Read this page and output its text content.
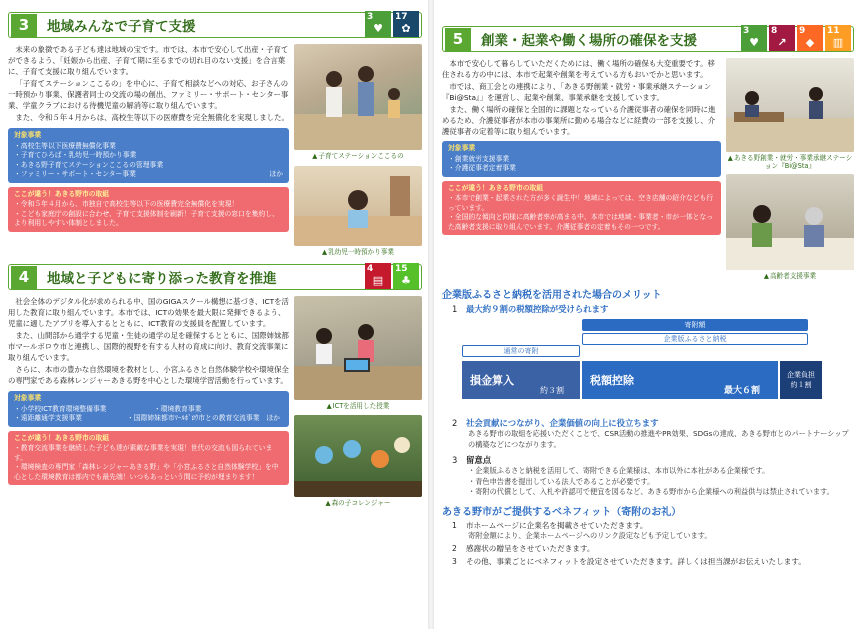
3	地域みんなで子育て支援
3
♥
17
✿

未来の象徴である子ども達は地域の宝です。市では、本市で安心して出産・子育てができるよう、「妊娠から出産、子育て期に至るまでの切れ目のない支援」を合言葉に、子育て支援に取り組んでいます。

「子育てステーションここるの」を中心に、子育て相談などへの対応、お子さんの一時預かり事業、保護者同士の交流の場の創出、ファミリー・サポート・センター事業、学童クラブにおける待機児童の解消等に取り組んでいます。

また、令和５年４月からは、高校生等以下の医療費を完全無償化を実現しました。

対象事業
・高校生等以下医療費無償化事業
・子育てひろば・乳幼児一時預かり事業
・あきる野子育てステーションここるの管理事業
・ファミリー・サポート・センター事業	ほか
ここが違う！あきる野市の取組
・令和５年４月から、市独自で高校生等以下の医療費完全無償化を実現！
・こども家庭庁の創設に合わせ、子育て支援体制を刷新！子育て支援の窓口を集約し、より利用しやすい体制としました。
▲ 子育てステーションここるの
▲ 乳幼児一時預かり事業
4	地域と子どもに寄り添った教育を推進
4
▤
15
♣

社会全体のデジタル化が求められる中、国のGIGAスクール構想に基づき、ICTを活用した教育に取り組んでいます。本市では、ICTの効果を最大限に発揮できるよう、児童に適したアプリを導入するとともに、ICT教育の支援員を配置しています。

また、山間部から通学する児童・生徒の通学の足を確保するとともに、国際姉妹都市マールボロウ市と連携し、国際的視野を有する人材の育成に向け、教育交流事業に取り組んでいます。

さらに、本市の豊かな自然環境を教材とし、小宮ふるさと自然体験学校や環境保全の専門家である森林レンジャーあきる野を中心とした環境学習活動を行っています。

対象事業
・小学校ICT教育環境整備事業	・環境教育事業
・遠距離通学支援事業	・国際姉妹都市ﾏｰﾙﾎﾞﾛｳ市との教育交流事業　ほか
ここが違う！あきる野市の取組
・教育交流事業を継続した子ども達が素敵な事業を実現！世代の交流も図られています。
・環境検査の専門家「森林レンジャーあきる野」や「小宮ふるさと自然体験学校」を中心とした環境教育は都内でも最先端！いつもあっという間に予約が埋まります！
▲ ICTを活用した授業
▲ 森の子コレンジャー
5	創業・起業や働く場所の確保を支援
3
♥
8
↗
9
◆
11
▥

本市で安心して暮らしていただくためには、働く場所の確保も大変重要です。移住される方の中には、本市で起業や創業を考えている方もおいでかと思います。

市では、商工会との連携により、「あきる野創業・就労・事業承継ステーション『Bi@Sta』」を運営し、起業や創業、事業承継を支援しています。

また、働く場所の確保と全国的に課題となっている介護従事者の確保を同時に進めるため、介護従事者が本市の事業所に勤める場合などに経費の一部を支援し、介護従事者の定着等に取り組んでいます。

対象事業
・創業就労支援事業
・介護従事者定着事業
ここが違う！あきる野市の取組
・本市で創業・起業された方が多く誕生中！地域によっては、空き店舗の紹介なども行っています。
・全国的な傾向と同様に高齢者率が高まる中、本市では地域・事業者・市が一体となった高齢者支援に取り組んでいます。介護従事者の定着もその一つです。
▲ あきる野創業・就労・事業承継ステーション『Bi@Sta』
▲ 高齢者支援事業
企業版ふるさと納税を活用された場合のメリット
1 最大約９割の税額控除が受けられます
寄附額
企業版ふるさと納税
通常の寄附
損金算入
約３割
税額控除
最大６割
企業負担
約１割
2 社会貢献につながり、企業価値の向上に役立ちます
あきる野市の取組を応援いただくことで、CSR活動の推進やPR効果、SDGsの達成、あきる野市とのパートナーシップの構築などにつながります。
3 留意点
・企業版ふるさと納税を活用して、寄附できる企業様は、本市以外に本社がある企業様です。
・青色申告書を提出している法人であることが必要です。
・寄附の代償として、入札や許認可で便宜を図るなど、あきる野市から企業様への利益供与は禁止されています。
あきる野市がご提供するベネフィット（寄附のお礼）
1 市ホームページに企業名を掲載させていただきます。
寄附金額により、企業ホームページへのリンク設定なども予定しています。
2 感謝状の贈呈をさせていただきます。
3 その他、事業ごとにベネフィットを設定させていただきます。詳しくは担当課がお伝えいたします。
